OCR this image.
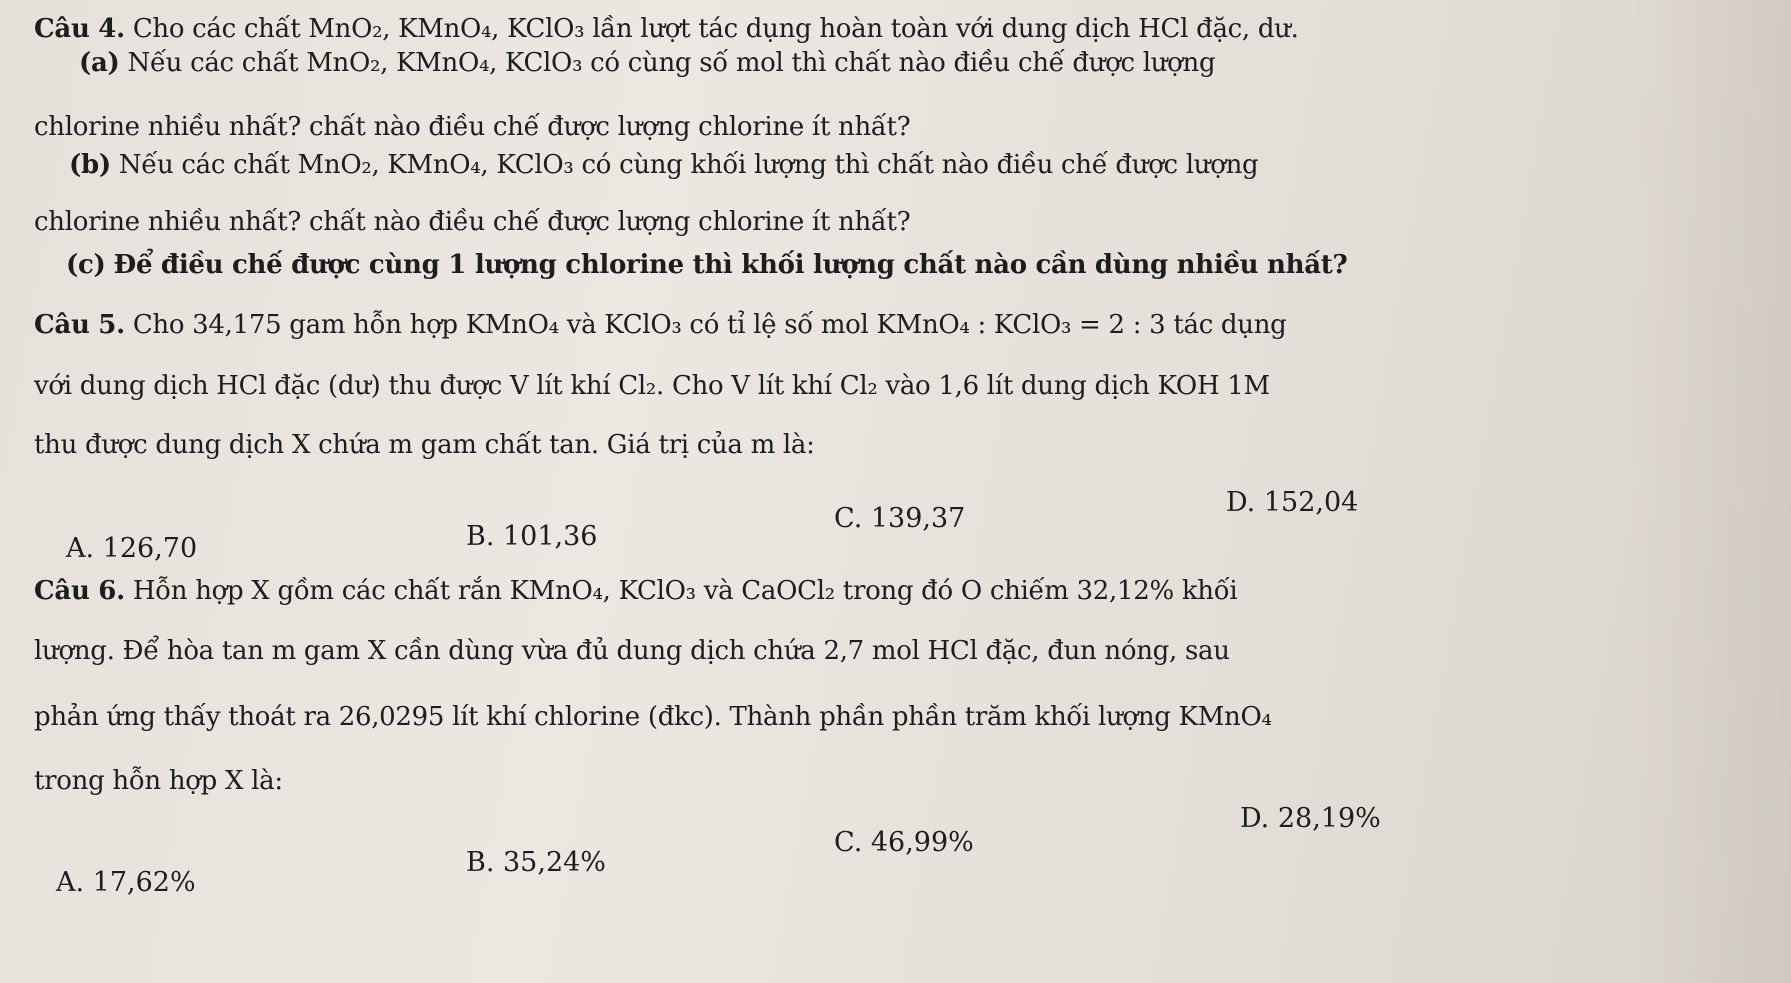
Câu 4. Cho các chất MnO₂, KMnO₄, KClO₃ lần lượt tác dụng hoàn toàn với dung dịch HCl đặc, dư.
(a) Nếu các chất MnO₂, KMnO₄, KClO₃ có cùng số mol thì chất nào điều chế được lượng
chlorine nhiều nhất? chất nào điều chế được lượng chlorine ít nhất?
(b) Nếu các chất MnO₂, KMnO₄, KClO₃ có cùng khối lượng thì chất nào điều chế được lượng
chlorine nhiều nhất? chất nào điều chế được lượng chlorine ít nhất?
(c) Để điều chế được cùng 1 lượng chlorine thì khối lượng chất nào cần dùng nhiều nhất?
Câu 5. Cho 34,175 gam hỗn hợp KMnO₄ và KClO₃ có tỉ lệ số mol KMnO₄ : KClO₃ = 2 : 3 tác dụng
với dung dịch HCl đặc (dư) thu được V lít khí Cl₂. Cho V lít khí Cl₂ vào 1,6 lít dung dịch KOH 1M
thu được dung dịch X chứa m gam chất tan. Giá trị của m là:
D. 152,04
C. 139,37
A. 126,70	B. 101,36
Câu 6. Hỗn hợp X gồm các chất rắn KMnO₄, KClO₃ và CaOCl₂ trong đó O chiếm 32,12% khối
lượng. Để hòa tan m gam X cần dùng vừa đủ dung dịch chứa 2,7 mol HCl đặc, đun nóng, sau
phản ứng thấy thoát ra 26,0295 lít khí chlorine (đkc). Thành phần phần trăm khối lượng KMnO₄
trong hỗn hợp X là:
D. 28,19%
C. 46,99%
B. 35,24%
A. 17,62%
